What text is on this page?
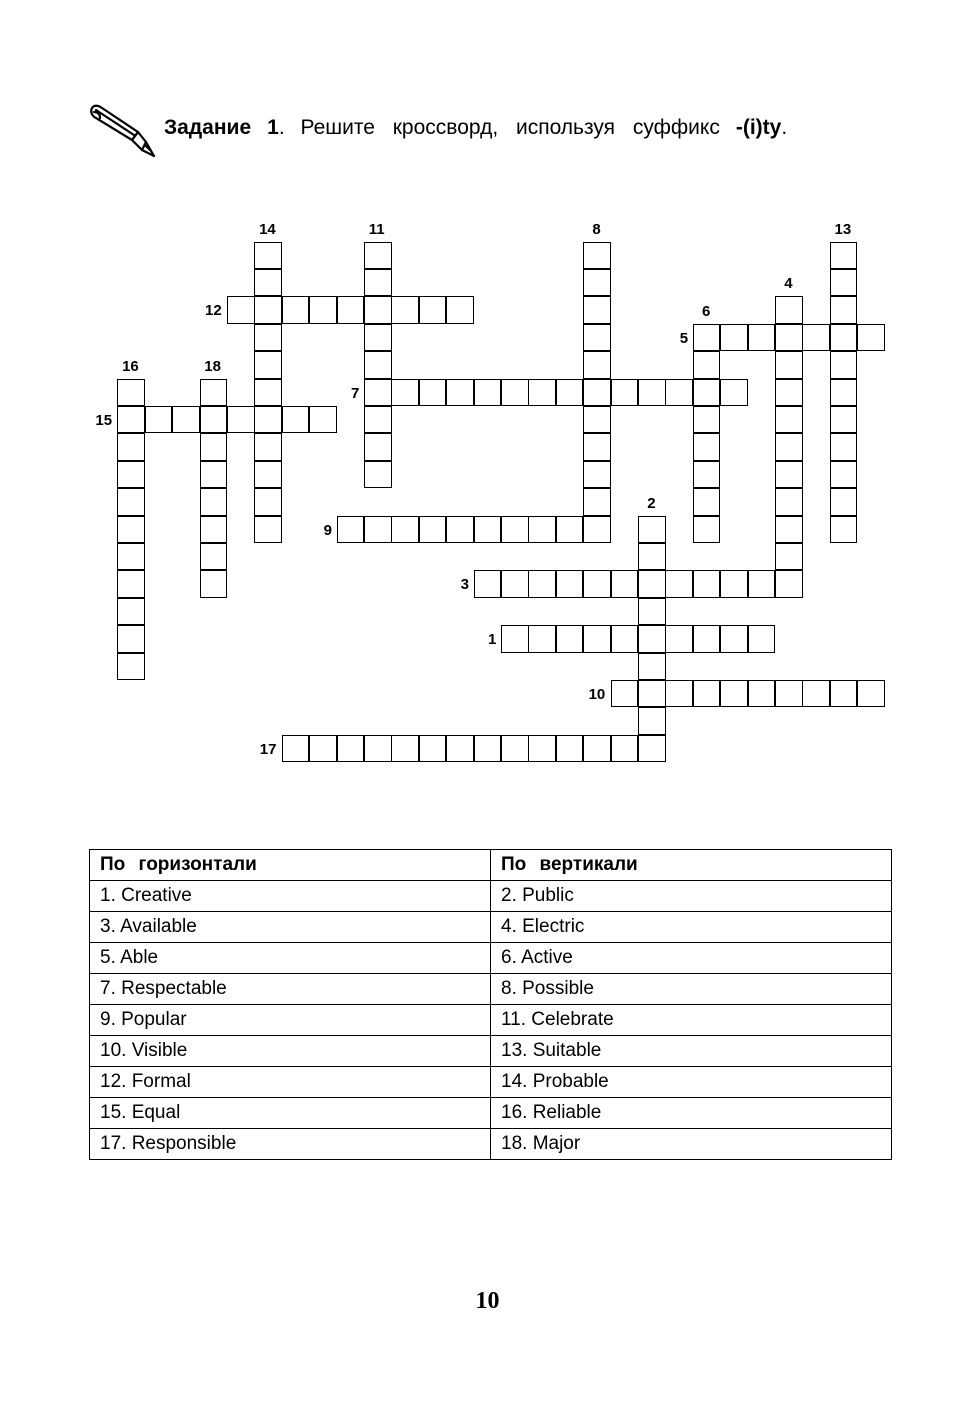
Задание 1. Решите кроссворд, используя суффикс -(i)ty.
1
2
3
4
5
6
7
8
9
10
11
12
13
14
15
16
17
18
По горизонтали	По вертикали
1. Creative	2. Public
3. Available	4. Electric
5. Able	6. Active
7. Respectable	8. Possible
9. Popular	11. Celebrate
10. Visible	13. Suitable
12. Formal	14. Probable
15. Equal	16. Reliable
17. Responsible	18. Major
10
